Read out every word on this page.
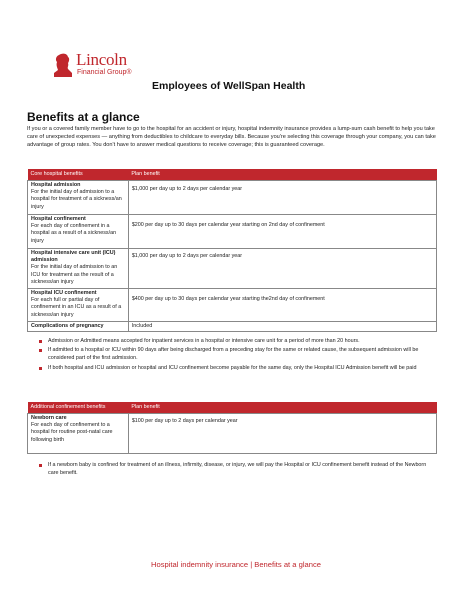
Lincoln
Financial Group®
Employees of WellSpan Health
Benefits at a glance
If you or a covered family member have to go to the hospital for an accident or injury, hospital indemnity insurance provides a lump-sum cash benefit to help you take care of unexpected expenses — anything from deductibles to childcare to everyday bills. Because you're selecting this coverage through your company, you can take advantage of group rates. You don't have to answer medical questions to receive coverage; this is guaranteed coverage.
Core hospital benefits	Plan benefit

Hospital admission
For the initial day of admission to a hospital for treatment of a sickness/an injury	$1,000 per day up to 2 days per calendar year

Hospital confinement
For each day of confinement in a hospital as a result of a sickness/an injury	$200 per day up to 30 days per calendar year starting on 2nd day of confinement

Hospital intensive care unit (ICU) admission
For the initial day of admission to an ICU for treatment as the result of a sickness/an injury	$1,000 per day up to 2 days per calendar year

Hospital ICU confinement
For each full or partial day of confinement in an ICU as a result of a sickness/an injury	$400 per day up to 30 days per calendar year starting the2nd day of confinement

Complications of pregnancy	Included
Admission or Admitted means accepted for inpatient services in a hospital or intensive care unit for a period of more than 20 hours.
If admitted to a hospital or ICU within 90 days after being discharged from a preceding stay for the same or related cause, the subsequent admission will be considered part of the first admission.
If both hospital and ICU admission or hospital and ICU confinement become payable for the same day, only the Hospital ICU Admission benefit will be paid
Additional confinement benefits	Plan benefit

Newborn care
For each day of confinement to a hospital for routine post-natal care following birth	$100 per day up to 2 days per calendar year
If a newborn baby is confined for treatment of an illness, infirmity, disease, or injury, we will pay the Hospital or ICU confinement benefit instead of the Newborn care benefit.
Hospital indemnity insurance | Benefits at a glance
